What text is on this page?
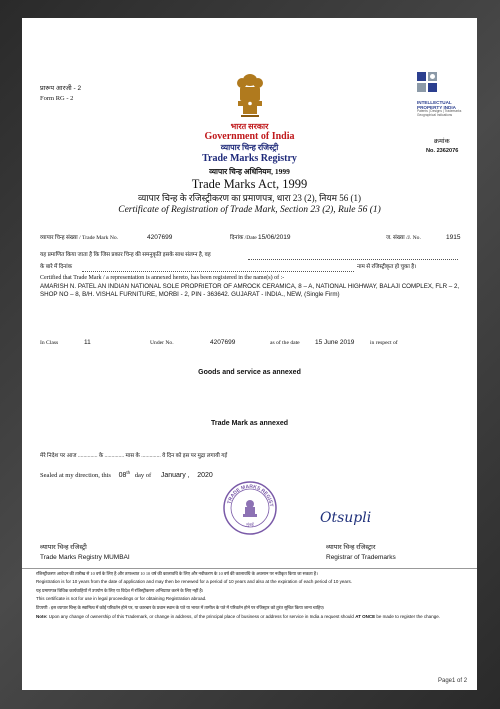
प्रारूप आरजी - 2
Form RG - 2
INTELLECTUAL PROPERTY INDIA
Patents | Designs | Trademarks Geographical Indications
भारत सरकार
Government of India
व्यापार चिन्ह रजिस्ट्री
Trade Marks Registry
व्यापार चिन्ह अधिनियम, 1999
Trade Marks Act, 1999
व्यापार चिन्ह के रजिस्ट्रीकरण का प्रमाणपत्र, धारा 23 (2), नियम 56 (1)
Certificate of Registration of Trade Mark, Section 23 (2), Rule 56 (1)
क्रमांक
No. 2362076
व्यापार चिन्ह संख्या / Trade Mark No.	4207699	दिनांक /Date 15/06/2019	ज. संख्या /J. No.	1915
यह प्रमाणित किया जाता है कि जिस प्रकार चिन्ह की समनुकृति इसके साथ संलग्न है, वह
के बारे में दिनांक	नाम से रजिस्ट्रीकृत हो चुका है।
Certified that Trade Mark / a representation is annexed hereto, has been registered in the name(s) of :-
AMARISH N. PATEL AN INDIAN NATIONAL SOLE PROPRIETOR OF AMROCK CERAMICA, 8 – A, NATIONAL HIGHWAY, BALAJI COMPLEX, FLR – 2, SHOP NO – 8, B/H. VISHAL FURNITURE, MORBI - 2, PIN - 363642. GUJARAT - INDIA., NEW, (Single Firm)
In Class	11	Under No.	4207699	as of the date 15 June 2019	in respect of
Goods and service as annexed
Trade Mark as annexed
मेरे निदेश पर आज .............. के .............. मास के .............. वे दिन को इस पर मुद्रा लगायी गई
Sealed at my direction, this 08th day of January , 2020
TRADE MARKS REGIST
मुंबई	Otsupli
व्यापार चिन्ह रजिस्ट्री
Trade Marks Registry MUMBAI
व्यापार चिन्ह रजिस्ट्रार
Registrar of Trademarks
रजिस्ट्रीकरण आवेदन की तारीख से 10 वर्ष के लिए है और तत्पश्चात 10 10 वर्ष की कालावधि के लिए और नवीकरण के 10 वर्ष की कालावधि के अवसान पर नवीकृत किया जा सकता है।
Registration is for 10 years from the date of application and may then be renewed for a period of 10 years and also at the expiration of each period of 10 years.
यह प्रमाणपत्र विधिक कार्यवाहियों में उपयोग के लिए या विदेश में रजिस्ट्रीकरण अभिप्राप्त करने के लिए नहीं है।
This certificate is not for use in legal proceedings or for obtaining Registration abroad.
टिप्पणी : इस व्यापार चिन्ह के स्वामित्व में कोई परिवर्तन होने पर, या कारबार के प्रधान स्थान के पते या भारत में तामील के पते में परिवर्तन होने पर रजिस्ट्रार को तुरंत सूचित किया जाना चाहिए।
Note: Upon any change of ownership of this Trademark, or change in address, of the principal place of business or address for service in India a request should AT ONCE be made to register the change.
Page1 of 2
